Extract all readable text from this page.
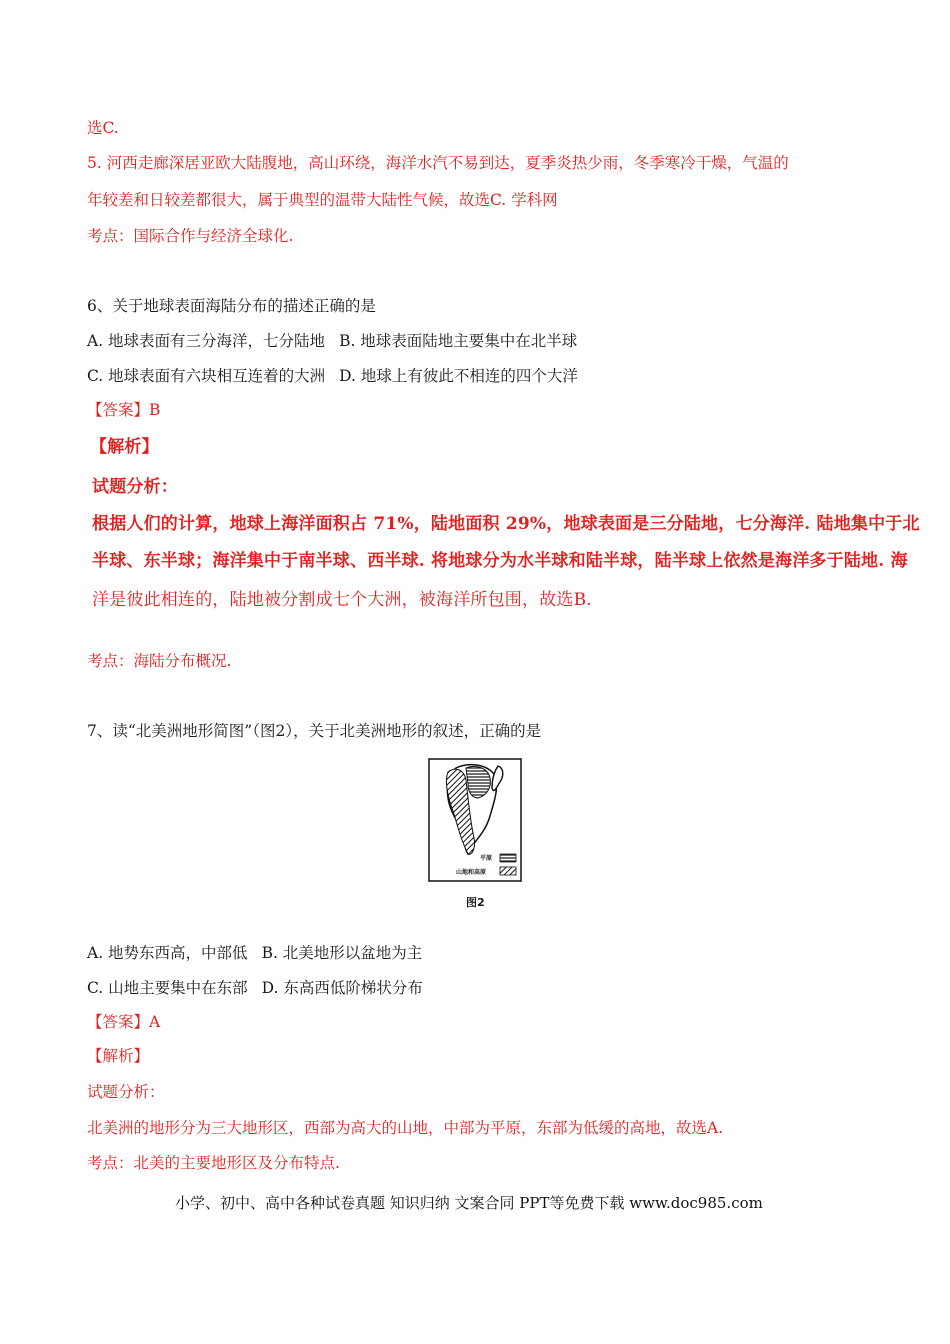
选C.
5. 河西走廊深居亚欧大陆腹地，高山环绕，海洋水汽不易到达，夏季炎热少雨，冬季寒冷干燥，气温的
年较差和日较差都很大，属于典型的温带大陆性气候，故选C. 学科网
考点：国际合作与经济全球化.
6、关于地球表面海陆分布的描述正确的是
A. 地球表面有三分海洋，七分陆地 B. 地球表面陆地主要集中在北半球
C. 地球表面有六块相互连着的大洲 D. 地球上有彼此不相连的四个大洋
【答案】B
【解析】
试题分析：
根据人们的计算，地球上海洋面积占 71%，陆地面积 29%，地球表面是三分陆地，七分海洋. 陆地集中于北
半球、东半球；海洋集中于南半球、西半球. 将地球分为水半球和陆半球，陆半球上依然是海洋多于陆地. 海
洋是彼此相连的，陆地被分割成七个大洲，被海洋所包围，故选B.
考点：海陆分布概况.
7、读“北美洲地形简图”（图2），关于北美洲地形的叙述，正确的是
平原
山地和高原
图2
A. 地势东西高，中部低 B. 北美地形以盆地为主
C. 山地主要集中在东部 D. 东高西低阶梯状分布
【答案】A
【解析】
试题分析：
北美洲的地形分为三大地形区，西部为高大的山地，中部为平原，东部为低缓的高地，故选A.
考点：北美的主要地形区及分布特点.
小学、初中、高中各种试卷真题 知识归纳 文案合同 PPT等免费下载 www.doc985.com
